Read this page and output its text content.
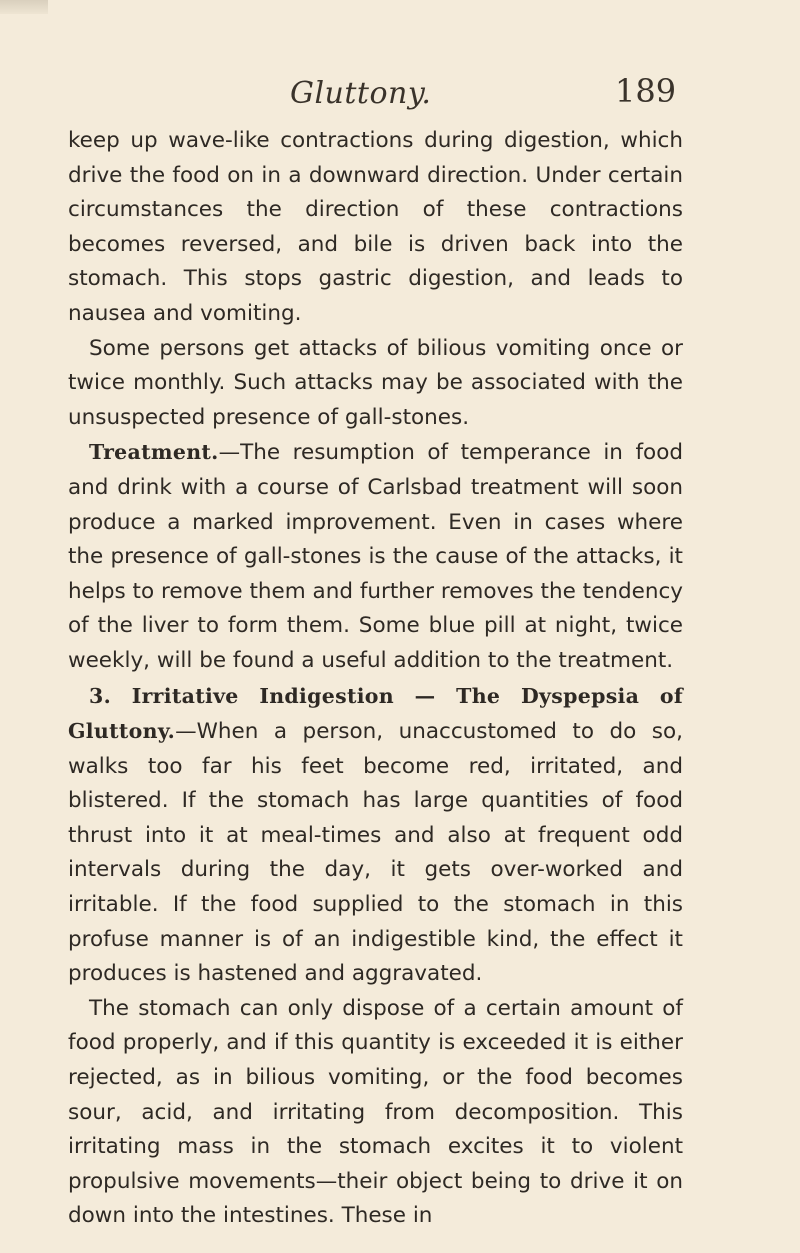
Gluttony.	189

keep up wave-like contractions during digestion, which drive the food on in a downward direction. Under certain circumstances the direction of these contractions becomes reversed, and bile is driven back into the stomach. This stops gastric digestion, and leads to nausea and vomiting.

Some persons get attacks of bilious vomiting once or twice monthly. Such attacks may be associated with the unsuspected presence of gall-stones.

Treatment.—The resumption of temperance in food and drink with a course of Carlsbad treatment will soon produce a marked improvement. Even in cases where the presence of gall-stones is the cause of the attacks, it helps to remove them and further removes the tendency of the liver to form them. Some blue pill at night, twice weekly, will be found a useful addition to the treatment.

3. Irritative Indigestion — The Dyspepsia of Gluttony.—When a person, unaccustomed to do so, walks too far his feet become red, irritated, and blistered. If the stomach has large quantities of food thrust into it at meal-times and also at frequent odd intervals during the day, it gets over-worked and irritable. If the food supplied to the stomach in this profuse manner is of an indigestible kind, the effect it produces is hastened and aggravated.

The stomach can only dispose of a certain amount of food properly, and if this quantity is exceeded it is either rejected, as in bilious vomiting, or the food becomes sour, acid, and irritating from decomposition. This irritating mass in the stomach excites it to violent propulsive movements—their object being to drive it on down into the intestines. These in
